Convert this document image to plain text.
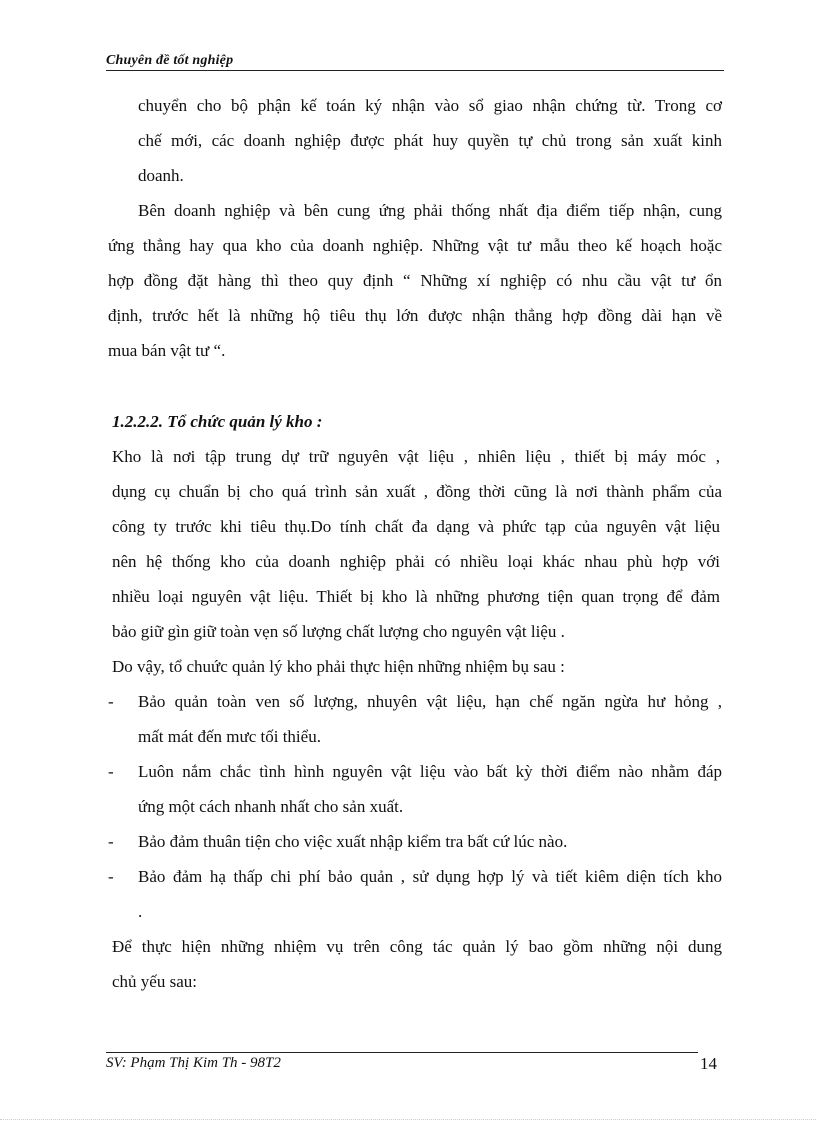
Chuyên đề tốt nghiệp
chuyển cho bộ phận kế toán ký nhận vào sổ giao nhận chứng từ. Trong cơ
chế mới, các doanh nghiệp được phát huy quyền tự chủ trong sản xuất kinh
doanh.
Bên doanh nghiệp và bên cung ứng phải thống nhất địa điểm tiếp nhận, cung
ứng thẳng hay qua kho của doanh nghiệp. Những vật tư mẫu theo kế hoạch hoặc
hợp đồng đặt hàng thì theo quy định “ Những xí nghiệp có nhu cầu vật tư ổn
định, trước hết là những hộ tiêu thụ lớn được nhận thẳng hợp đồng dài hạn về
mua bán vật tư “.
1.2.2.2. Tổ chức quản lý kho :
Kho là nơi tập trung dự trữ nguyên vật liệu , nhiên liệu , thiết bị máy móc ,
dụng cụ chuẩn bị cho quá trình sản xuất , đồng thời cũng là nơi thành phẩm của
công ty trước khi tiêu thụ.Do tính chất đa dạng và phức tạp của nguyên vật liệu
nên hệ thống kho của doanh nghiệp phải có nhiều loại khác nhau phù hợp với
nhiều loại nguyên vật liệu. Thiết bị kho là những phương tiện quan trọng để đảm
bảo giữ gìn giữ toàn vẹn số lượng chất lượng cho nguyên vật liệu .
Do vậy, tổ chuức quản lý kho phải thực hiện những nhiệm bụ sau :
- Bảo quản toàn ven số lượng, nhuyên vật liệu, hạn chế ngăn ngừa hư hỏng ,
mất mát đến mưc tối thiểu.
- Luôn nắm chắc tình hình nguyên vật liệu vào bất kỳ thời điểm nào nhằm đáp
ứng một cách nhanh nhất cho sản xuất.
- Bảo đảm thuân tiện cho việc xuất nhập kiểm tra bất cứ lúc nào.
- Bảo đảm hạ thấp chi phí bảo quản , sử dụng hợp lý và tiết kiêm diện tích kho
.
Để thực hiện những nhiệm vụ trên công tác quản lý bao gồm những nội dung
chủ yếu sau:
SV: Phạm Thị Kim Th - 98T2	14
